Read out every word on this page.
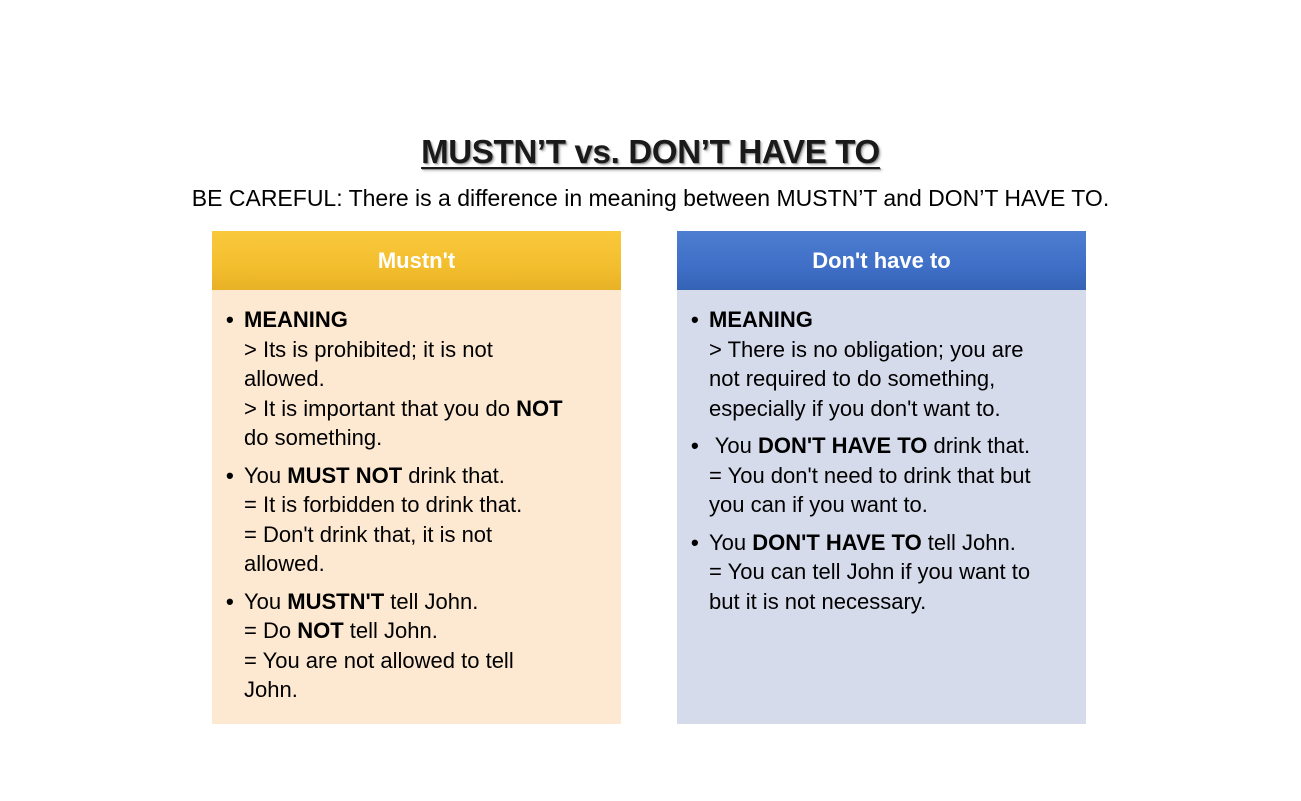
MUSTN’T vs. DON’T HAVE TO
BE CAREFUL: There is a difference in meaning between MUSTN’T and DON’T HAVE TO.
Mustn't
• MEANING
> Its is prohibited; it is not
allowed.
> It is important that you do NOT
do something.
• You MUST NOT drink that.
= It is forbidden to drink that.
= Don't drink that, it is not
allowed.
• You MUSTN'T tell John.
= Do NOT tell John.
= You are not allowed to tell
John.
Don't have to
• MEANING
> There is no obligation; you are
not required to do something,
especially if you don't want to.
• You DON'T HAVE TO drink that.
= You don't need to drink that but
you can if you want to.
• You DON'T HAVE TO tell John.
= You can tell John if you want to
but it is not necessary.
